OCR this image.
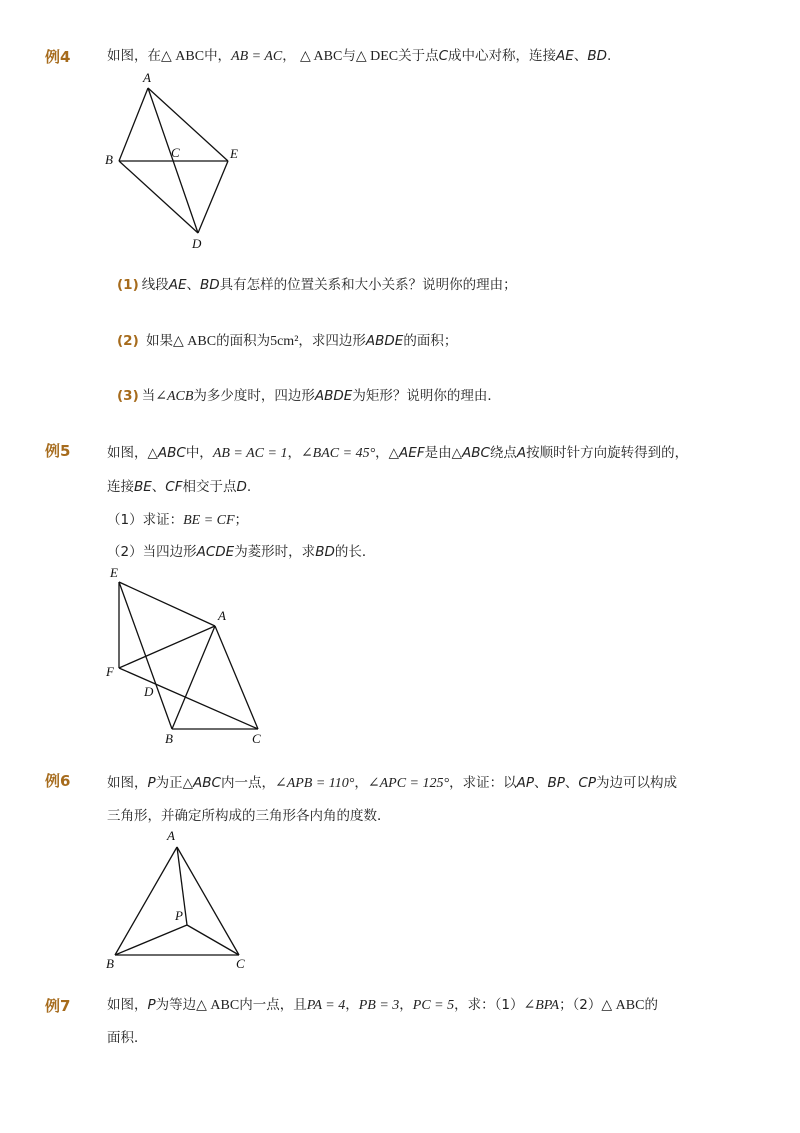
例4	如图，在△ ABC中，AB = AC， △ ABC与△ DEC关于点C成中心对称，连接AE、BD.
A
B	C	E
D
E
A
F
D
B	C
A
P
B	C
(1) 线段AE、BD具有怎样的位置关系和大小关系？说明你的理由；
(2) 如果△ ABC的面积为5cm²，求四边形ABDE的面积；
(3) 当∠ACB为多少度时，四边形ABDE为矩形？说明你的理由．
例5	如图，△ABC中，AB = AC = 1，∠BAC = 45°，△AEF是由△ABC绕点A按顺时针方向旋转得到的，
连接BE、CF相交于点D.
（1）求证：BE = CF；
（2）当四边形ACDE为菱形时，求BD的长．
例6	如图，P为正△ABC内一点，∠APB = 110°，∠APC = 125°，求证：以AP、BP、CP为边可以构成
三角形，并确定所构成的三角形各内角的度数．
例7	如图，P为等边△ ABC内一点，且PA = 4，PB = 3，PC = 5，求：（1）∠BPA；（2）△ ABC的
面积．
